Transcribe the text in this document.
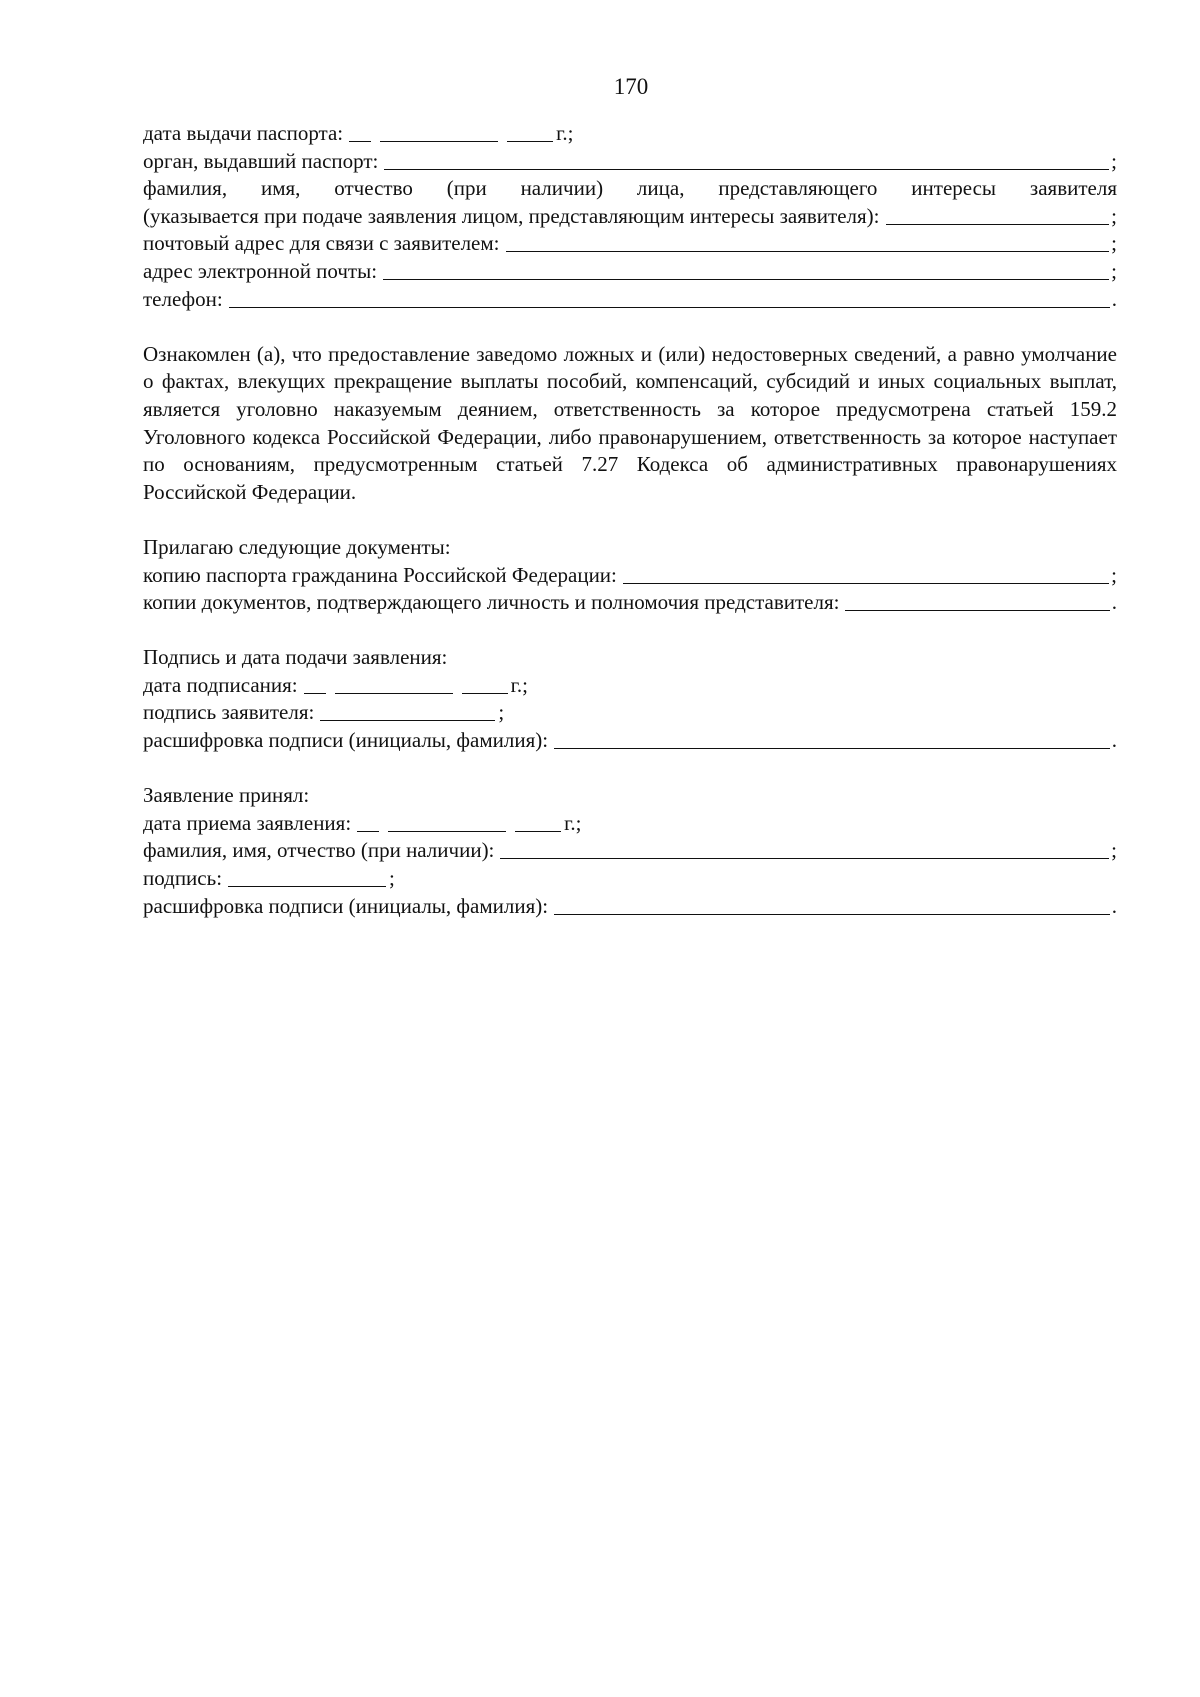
170
дата выдачи паспорта:	г.;
орган, выдавший паспорт:	;
фамилия, имя, отчество (при наличии) лица, представляющего интересы заявителя
(указывается при подаче заявления лицом, представляющим интересы заявителя):	;
почтовый адрес для связи с заявителем:	;
адрес электронной почты:	;
телефон:	.
Ознакомлен (а), что предоставление заведомо ложных и (или) недостоверных сведений, а равно умолчание о фактах, влекущих прекращение выплаты пособий, компенсаций, субсидий и иных социальных выплат, является уголовно наказуемым деянием, ответственность за которое предусмотрена статьей 159.2 Уголовного кодекса Российской Федерации, либо правонарушением, ответственность за которое наступает по основаниям, предусмотренным статьей 7.27 Кодекса об административных правонарушениях Российской Федерации.
Прилагаю следующие документы:
копию паспорта гражданина Российской Федерации:	;
копии документов, подтверждающего личность и полномочия представителя:	.
Подпись и дата подачи заявления:
дата подписания:	г.;
подпись заявителя:	;
расшифровка подписи (инициалы, фамилия):	.
Заявление принял:
дата приема заявления:	г.;
фамилия, имя, отчество (при наличии):	;
подпись:	;
расшифровка подписи (инициалы, фамилия):	.
